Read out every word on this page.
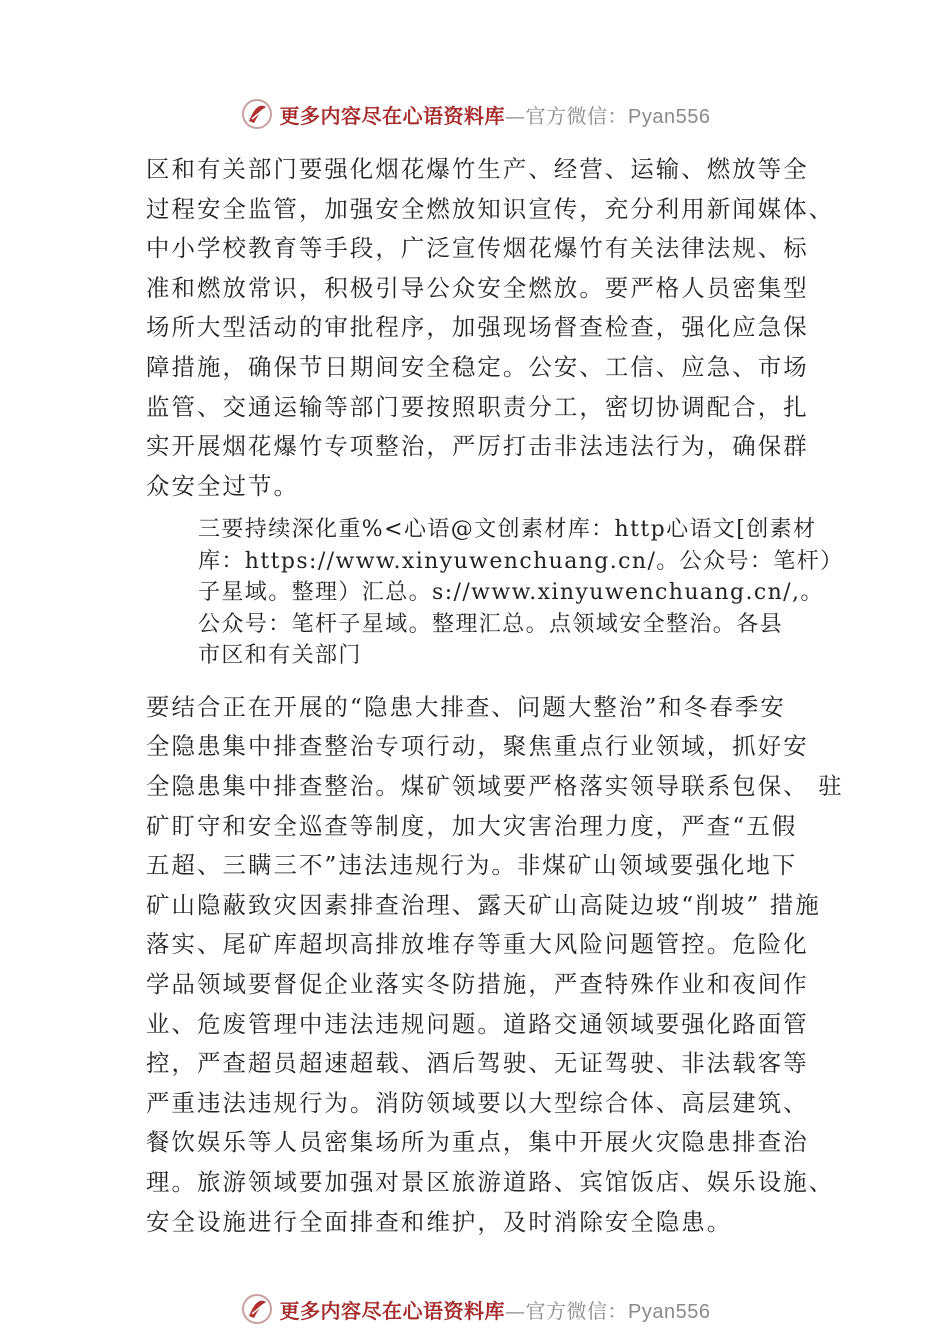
更多内容尽在心语资料库—官方微信：Pyan556

区和有关部门要强化烟花爆竹生产、经营、运输、燃放等全
过程安全监管，加强安全燃放知识宣传，充分利用新闻媒体、
中小学校教育等手段，广泛宣传烟花爆竹有关法律法规、标
准和燃放常识，积极引导公众安全燃放。要严格人员密集型
场所大型活动的审批程序，加强现场督查检查，强化应急保
障措施，确保节日期间安全稳定。公安、工信、应急、市场
监管、交通运输等部门要按照职责分工，密切协调配合，扎
实开展烟花爆竹专项整治，严厉打击非法违法行为，确保群
众安全过节。

三要持续深化重%<心语@文创素材库：http心语文[创素材
库：https://www.xinyuwenchuang.cn/。公众号：笔杆）
子星域。整理）汇总。s://www.xinyuwenchuang.cn/,。
公众号：笔杆子星域。整理汇总。点领域安全整治。各县
市区和有关部门

要结合正在开展的“隐患大排查、问题大整治”和冬春季安
全隐患集中排查整治专项行动，聚焦重点行业领域，抓好安
全隐患集中排查整治。煤矿领域要严格落实领导联系包保、 驻
矿盯守和安全巡查等制度，加大灾害治理力度，严查“五假
五超、三瞒三不”违法违规行为。非煤矿山领域要强化地下
矿山隐蔽致灾因素排查治理、露天矿山高陡边坡“削坡” 措施
落实、尾矿库超坝高排放堆存等重大风险问题管控。危险化
学品领域要督促企业落实冬防措施，严查特殊作业和夜间作
业、危废管理中违法违规问题。道路交通领域要强化路面管
控，严查超员超速超载、酒后驾驶、无证驾驶、非法载客等
严重违法违规行为。消防领域要以大型综合体、高层建筑、
餐饮娱乐等人员密集场所为重点，集中开展火灾隐患排查治
理。旅游领域要加强对景区旅游道路、宾馆饭店、娱乐设施、
安全设施进行全面排查和维护，及时消除安全隐患。

更多内容尽在心语资料库—官方微信：Pyan556
